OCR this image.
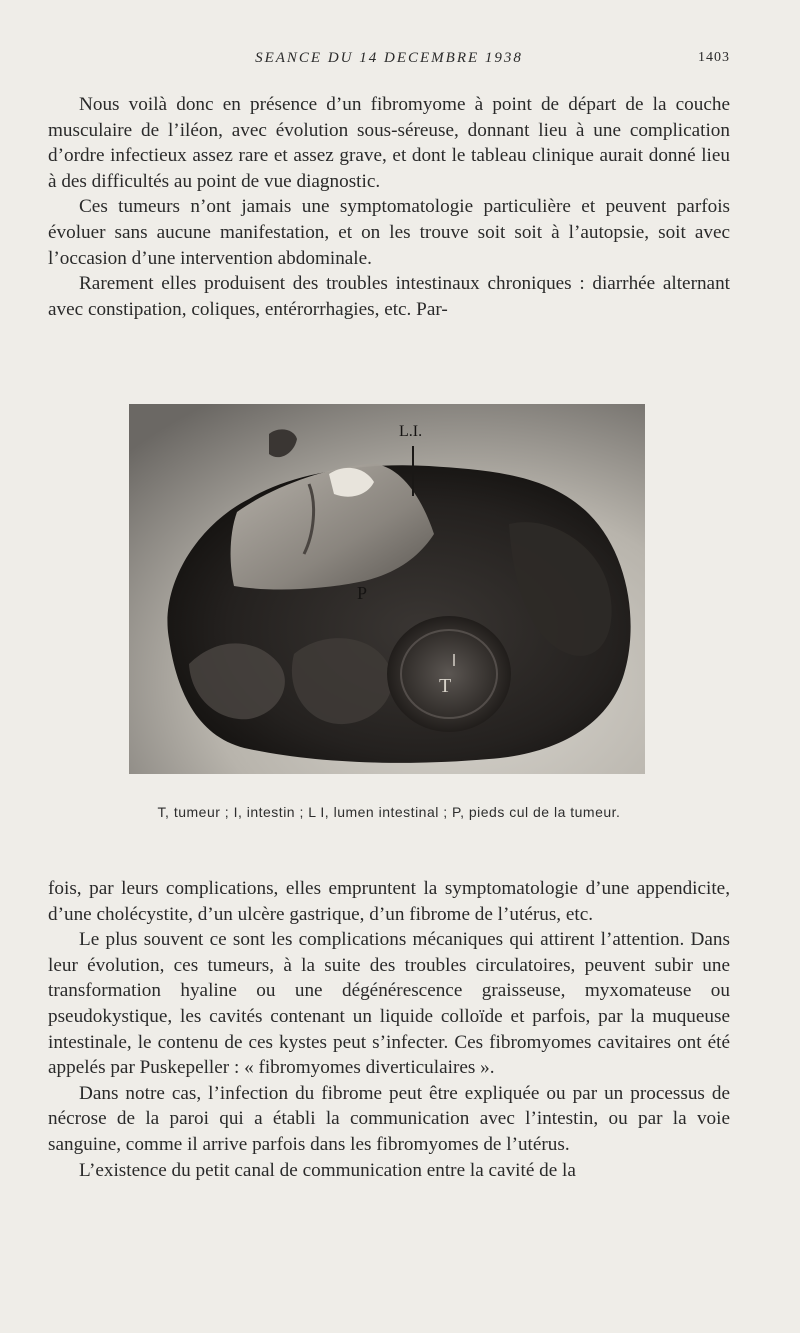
SEANCE DU 14 DECEMBRE 1938	1403

Nous voilà donc en présence d’un fibromyome à point de départ de la couche musculaire de l’iléon, avec évolution sous-séreuse, donnant lieu à une complication d’ordre infectieux assez rare et assez grave, et dont le tableau clinique aurait donné lieu à des difficultés au point de vue diagnostic.

Ces tumeurs n’ont jamais une symptomatologie particulière et peuvent parfois évoluer sans aucune manifestation, et on les trouve soit soit à l’autopsie, soit avec l’occasion d’une intervention abdominale.

Rarement elles produisent des troubles intestinaux chroniques : diarrhée alternant avec constipation, coliques, entérorrhagies, etc. Par-

L.I.
P
T
T, tumeur ; I, intestin ; L I, lumen intestinal ; P, pieds cul de la tumeur.

fois, par leurs complications, elles empruntent la symptomatologie d’une appendicite, d’une cholécystite, d’un ulcère gastrique, d’un fibrome de l’utérus, etc.

Le plus souvent ce sont les complications mécaniques qui attirent l’attention. Dans leur évolution, ces tumeurs, à la suite des troubles circulatoires, peuvent subir une transformation hyaline ou une dégénérescence graisseuse, myxomateuse ou pseudokystique, les cavités contenant un liquide colloïde et parfois, par la muqueuse intestinale, le contenu de ces kystes peut s’infecter. Ces fibromyomes cavitaires ont été appelés par Puskepeller : « fibromyomes diverticulaires ».

Dans notre cas, l’infection du fibrome peut être expliquée ou par un processus de nécrose de la paroi qui a établi la communication avec l’intestin, ou par la voie sanguine, comme il arrive parfois dans les fibromyomes de l’utérus.

L’existence du petit canal de communication entre la cavité de la
